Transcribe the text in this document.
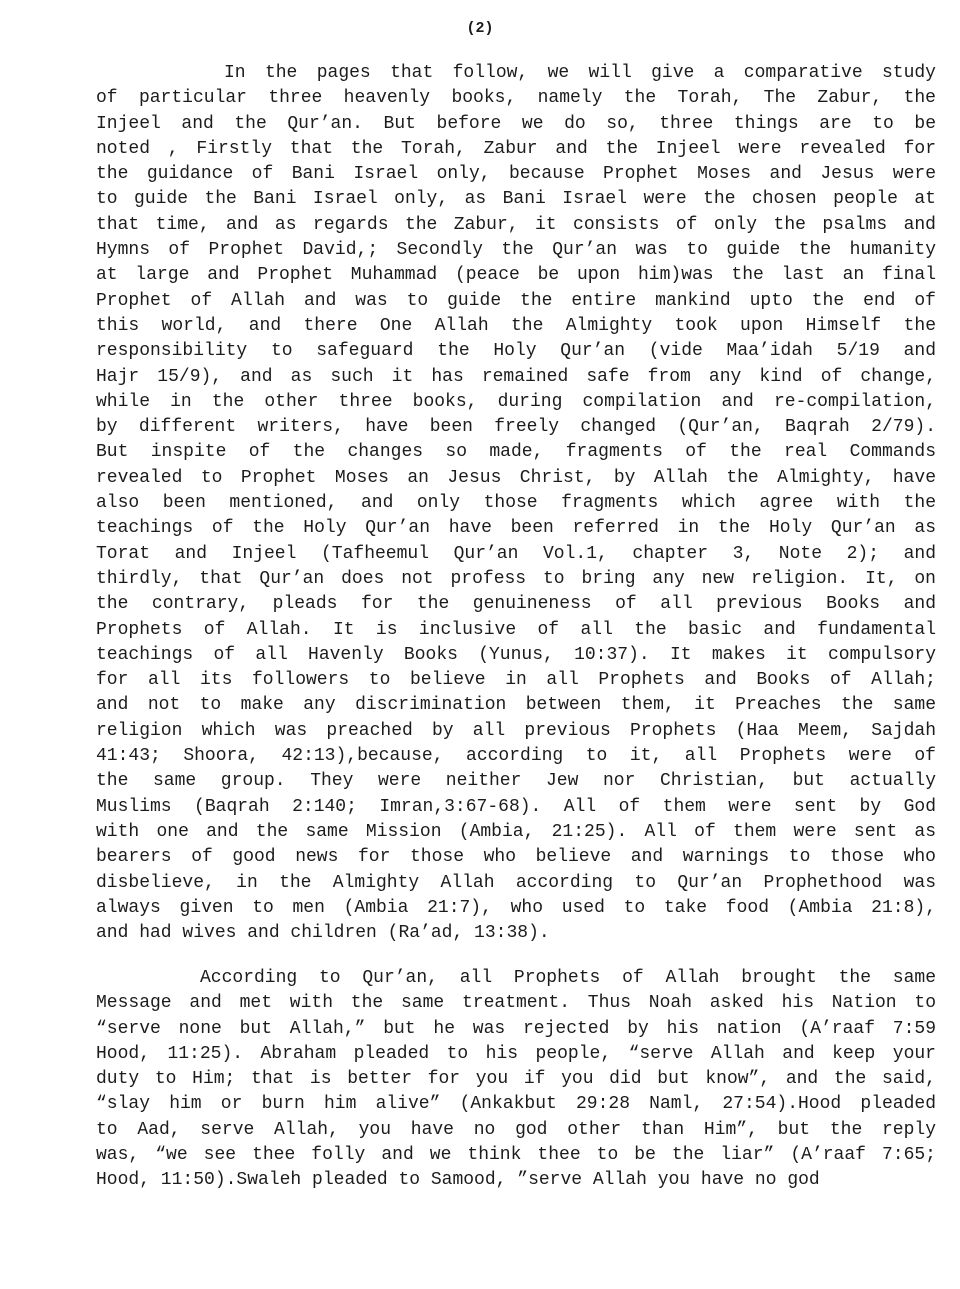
(2)
In the pages that follow, we will give a comparative study
of particular three heavenly books, namely the Torah, The Zabur, the
Injeel and the Qur’an. But before we do so, three things are to be
noted , Firstly that the Torah, Zabur and the Injeel were revealed for
the guidance of Bani Israel only, because Prophet Moses and Jesus were
to guide the Bani Israel only, as Bani Israel were the chosen people at
that time, and as regards the Zabur, it consists of only the psalms and
Hymns of Prophet David,; Secondly the Qur’an was to guide the humanity
at large and Prophet Muhammad (peace be upon him)was the last an final
Prophet of Allah and was to guide the entire mankind upto the end of
this world, and there One Allah the Almighty took upon Himself the
responsibility to safeguard the Holy Qur’an (vide Maa’idah 5/19 and
Hajr 15/9), and as such it has remained safe from any kind of change,
while in the other three books, during compilation and re-compilation,
by different writers, have been freely changed (Qur’an, Baqrah 2/79).
But inspite of the changes so made, fragments of the real Commands
revealed to Prophet Moses an Jesus Christ, by Allah the Almighty, have
also been mentioned, and only those fragments which agree with the
teachings of the Holy Qur’an have been referred in the Holy Qur’an as
Torat and Injeel (Tafheemul Qur’an Vol.1, chapter 3, Note 2); and
thirdly, that Qur’an does not profess to bring any new religion. It, on
the contrary, pleads for the genuineness of all previous Books and
Prophets of Allah. It is inclusive of all the basic and fundamental
teachings of all Havenly Books (Yunus, 10:37). It makes it compulsory
for all its followers to believe in all Prophets and Books of Allah;
and not to make any discrimination between them, it Preaches the same
religion which was preached by all previous Prophets (Haa Meem, Sajdah
41:43; Shoora, 42:13),because, according to it, all Prophets were of
the same group. They were neither Jew nor Christian, but actually
Muslims (Baqrah 2:140; Imran,3:67-68). All of them were sent by God
with one and the same Mission (Ambia, 21:25). All of them were sent as
bearers of good news for those who believe and warnings to those who
disbelieve, in the Almighty Allah according to Qur’an Prophethood was
always given to men (Ambia 21:7), who used to take food (Ambia 21:8),
and had wives and children (Ra’ad, 13:38).
According to Qur’an, all Prophets of Allah brought the same
Message and met with the same treatment. Thus Noah asked his Nation to
“serve none but Allah,” but he was rejected by his nation (A’raaf 7:59
Hood, 11:25). Abraham pleaded to his people, “serve Allah and keep your
duty to Him; that is better for you if you did but know”, and the said,
“slay him or burn him alive” (Ankakbut 29:28 Naml, 27:54).Hood pleaded
to Aad, serve Allah, you have no god other than Him”, but the reply
was, “we see thee folly and we think thee to be the liar” (A’raaf 7:65;
Hood, 11:50).Swaleh pleaded to Samood, ”serve Allah you have no god
